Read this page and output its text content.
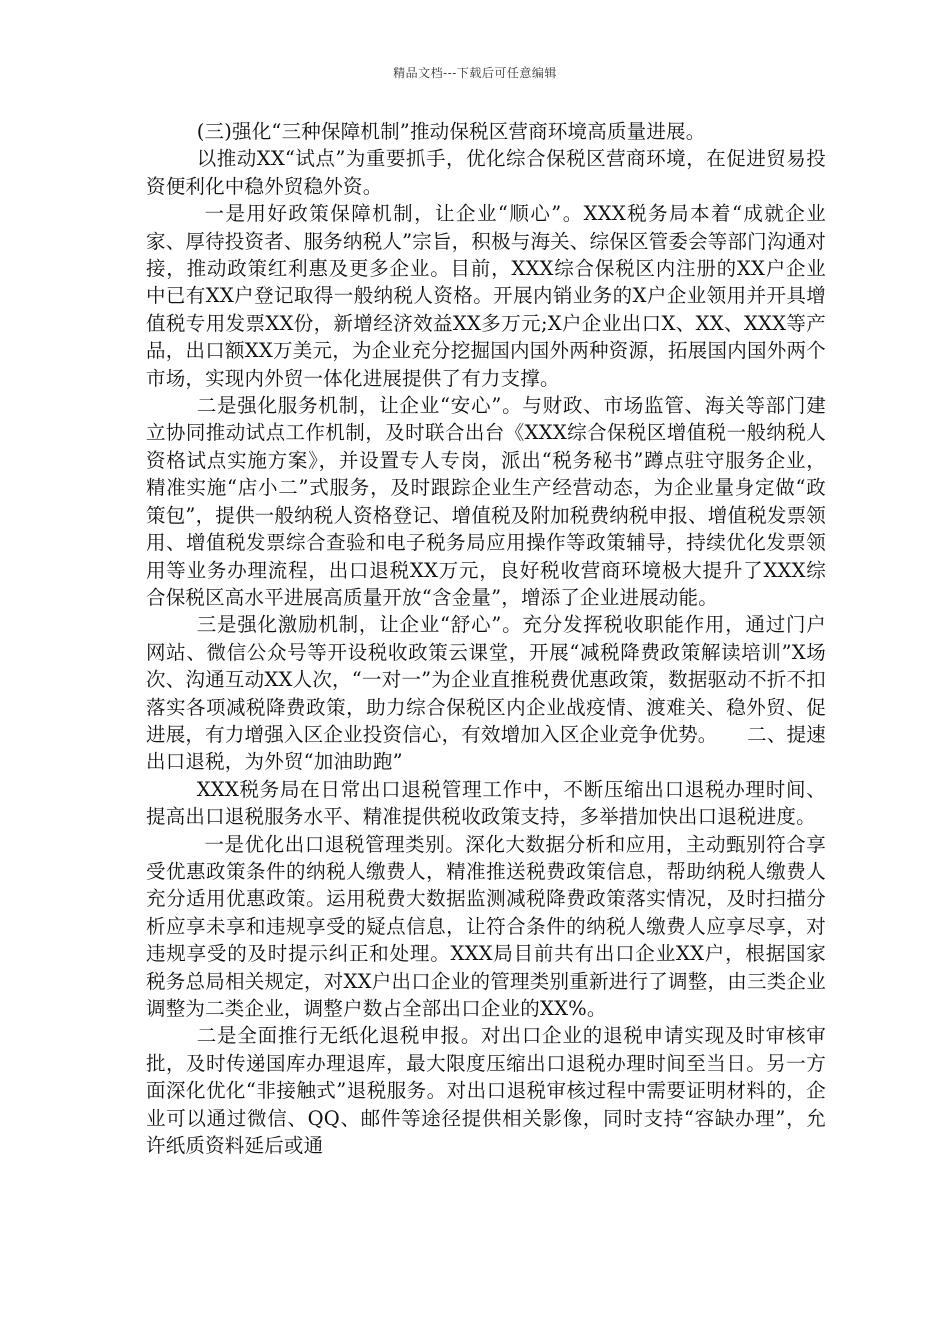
精品文档---下载后可任意编辑

(三)强化“三种保障机制”推动保税区营商环境高质量进展。

以推动XX“试点”为重要抓手，优化综合保税区营商环境，在促进贸易投资便利化中稳外贸稳外资。

一是用好政策保障机制，让企业“顺心”。XXX税务局本着“成就企业家、厚待投资者、服务纳税人”宗旨，积极与海关、综保区管委会等部门沟通对接，推动政策红利惠及更多企业。目前，XXX综合保税区内注册的XX户企业中已有XX户登记取得一般纳税人资格。开展内销业务的X户企业领用并开具增值税专用发票XX份，新增经济效益XX多万元;X户企业出口X、XX、XXX等产品，出口额XX万美元，为企业充分挖掘国内国外两种资源，拓展国内国外两个市场，实现内外贸一体化进展提供了有力支撑。

二是强化服务机制，让企业“安心”。与财政、市场监管、海关等部门建立协同推动试点工作机制，及时联合出台《XXX综合保税区增值税一般纳税人资格试点实施方案》，并设置专人专岗，派出“税务秘书”蹲点驻守服务企业，精准实施“店小二”式服务，及时跟踪企业生产经营动态，为企业量身定做“政策包”，提供一般纳税人资格登记、增值税及附加税费纳税申报、增值税发票领用、增值税发票综合查验和电子税务局应用操作等政策辅导，持续优化发票领用等业务办理流程，出口退税XX万元，良好税收营商环境极大提升了XXX综合保税区高水平进展高质量开放“含金量”，增添了企业进展动能。

三是强化激励机制，让企业“舒心”。充分发挥税收职能作用，通过门户网站、微信公众号等开设税收政策云课堂，开展“减税降费政策解读培训”X场次、沟通互动XX人次，“一对一”为企业直推税费优惠政策，数据驱动不折不扣落实各项减税降费政策，助力综合保税区内企业战疫情、渡难关、稳外贸、促进展，有力增强入区企业投资信心，有效增加入区企业竞争优势。　　二、提速出口退税，为外贸“加油助跑”

XXX税务局在日常出口退税管理工作中，不断压缩出口退税办理时间、提高出口退税服务水平、精准提供税收政策支持，多举措加快出口退税进度。

一是优化出口退税管理类别。深化大数据分析和应用，主动甄别符合享受优惠政策条件的纳税人缴费人，精准推送税费政策信息，帮助纳税人缴费人充分适用优惠政策。运用税费大数据监测减税降费政策落实情况，及时扫描分析应享未享和违规享受的疑点信息，让符合条件的纳税人缴费人应享尽享，对违规享受的及时提示纠正和处理。XXX局目前共有出口企业XX户，根据国家税务总局相关规定，对XX户出口企业的管理类别重新进行了调整，由三类企业调整为二类企业，调整户数占全部出口企业的XX%。

二是全面推行无纸化退税申报。对出口企业的退税申请实现及时审核审批，及时传递国库办理退库，最大限度压缩出口退税办理时间至当日。另一方面深化优化“非接触式”退税服务。对出口退税审核过程中需要证明材料的，企业可以通过微信、QQ、邮件等途径提供相关影像，同时支持“容缺办理”，允许纸质资料延后或通
